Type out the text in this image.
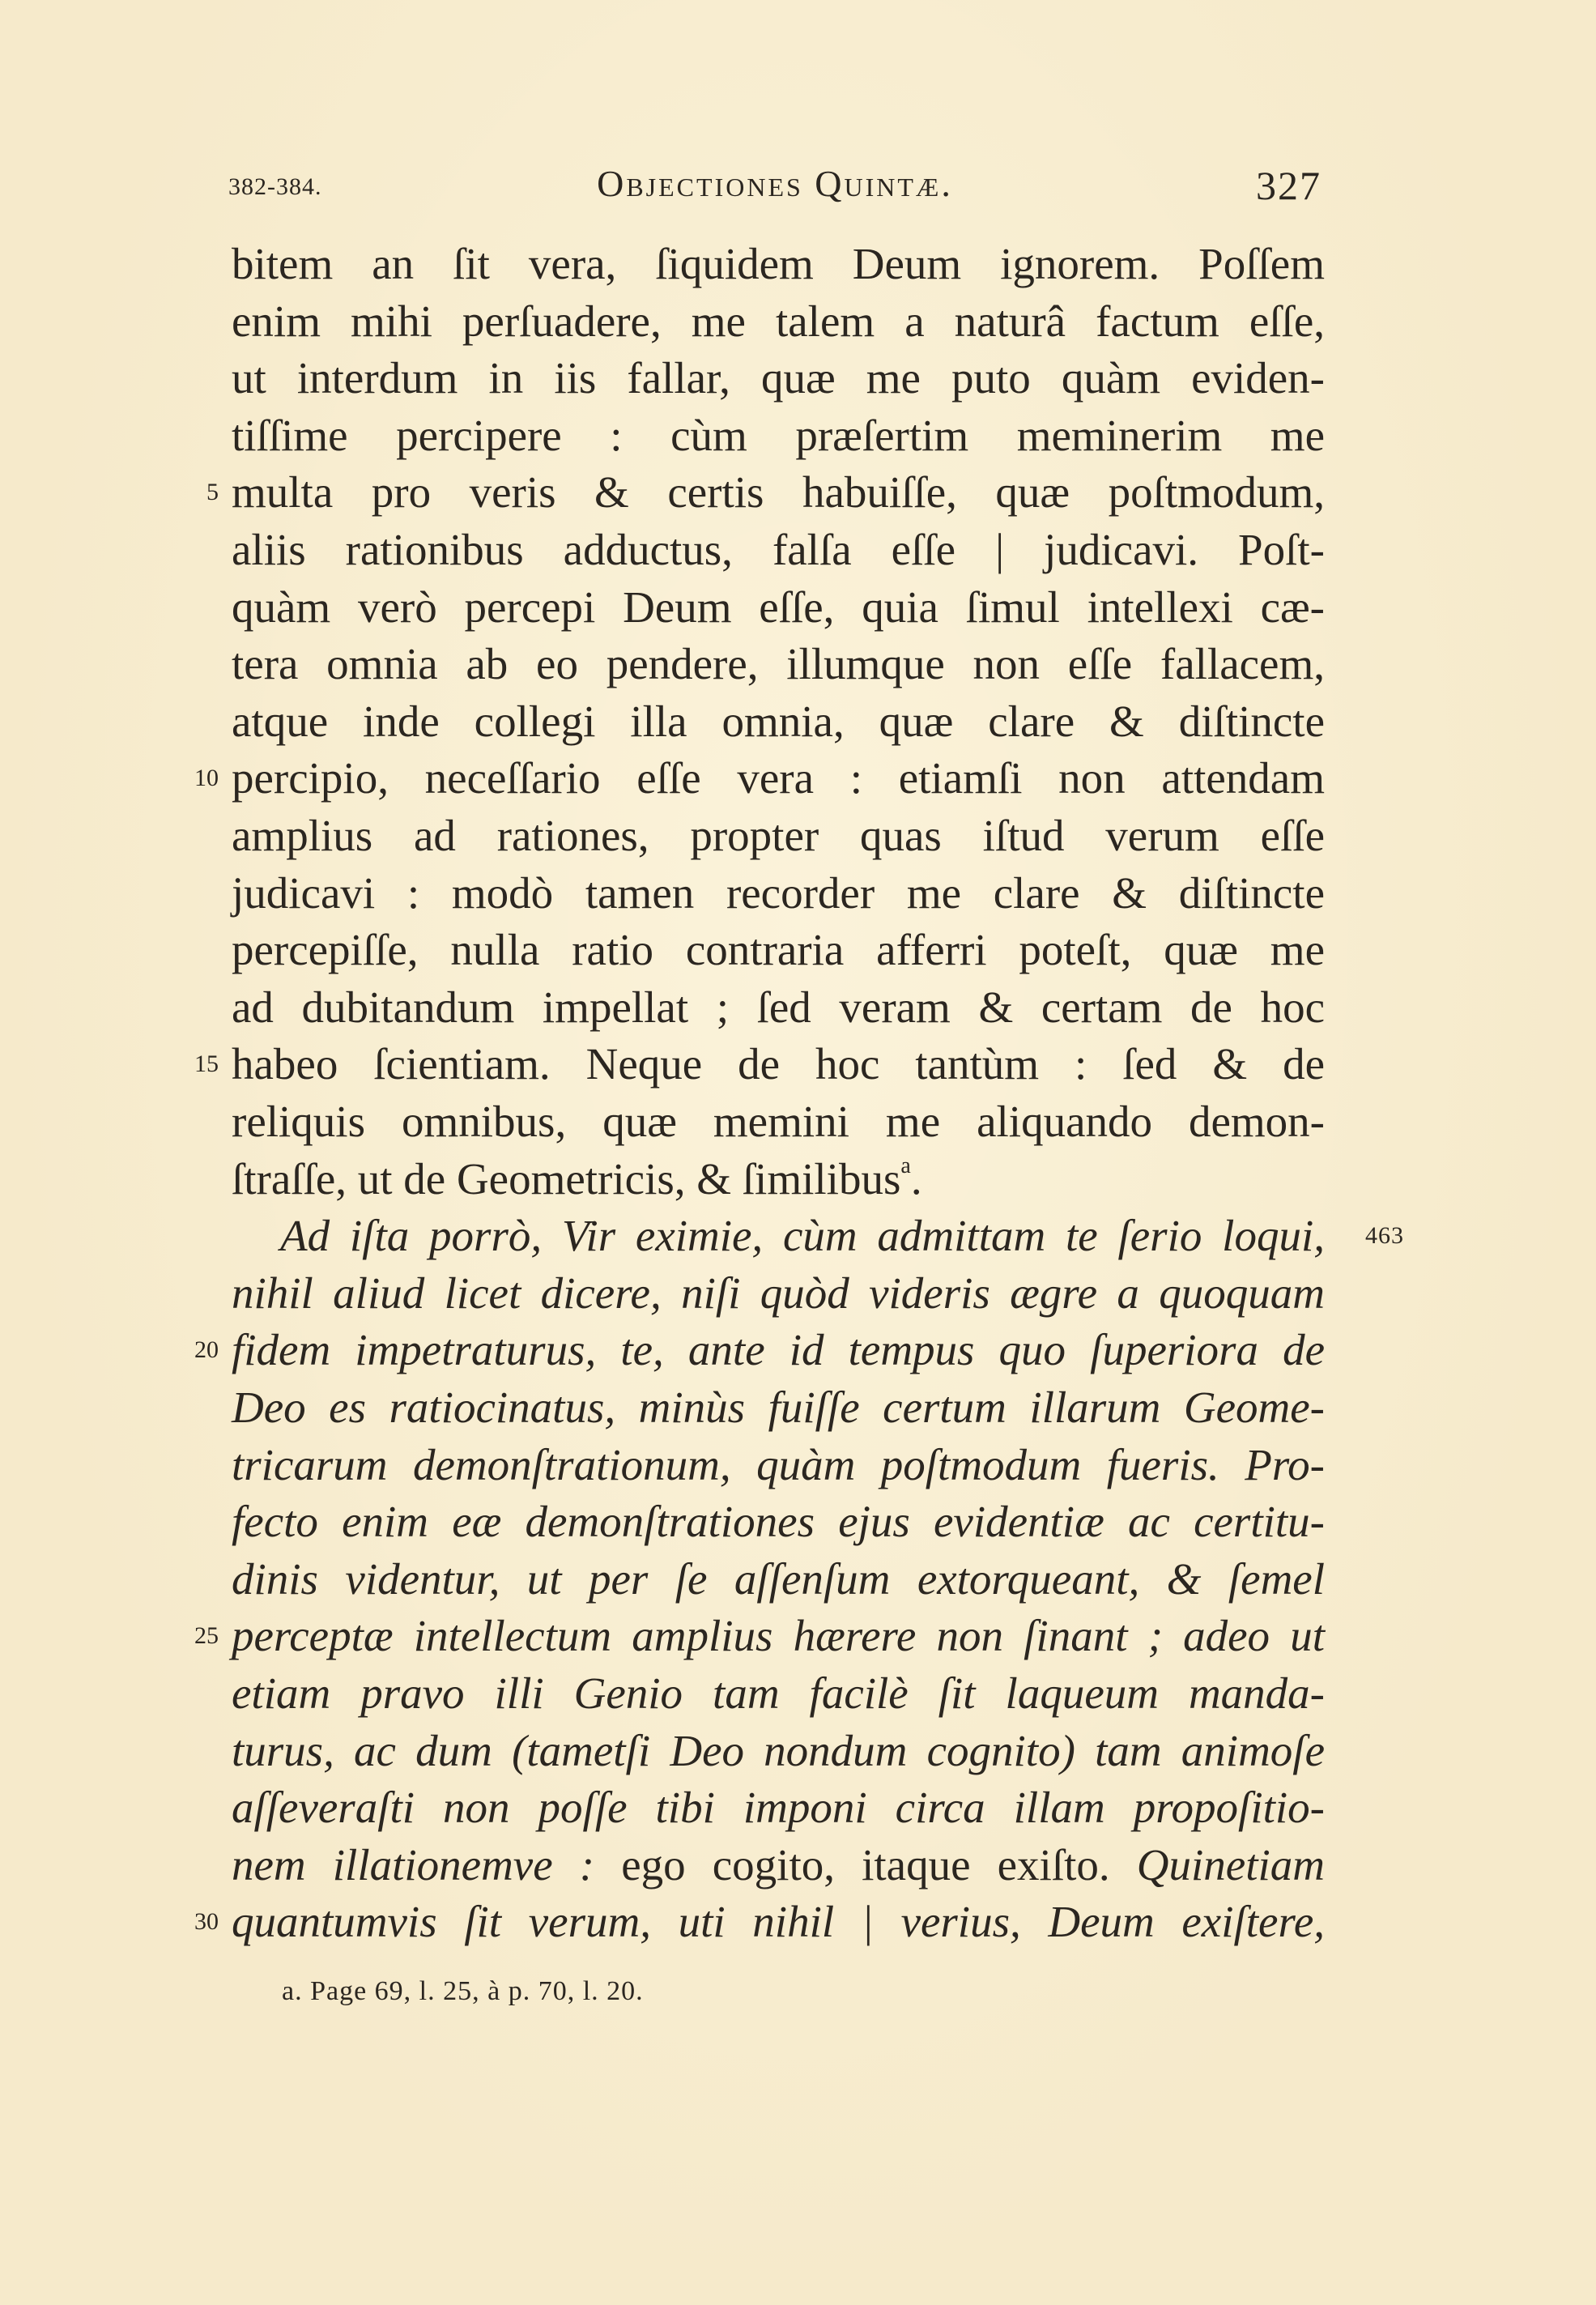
382-384.	Objectiones Quintæ.	327
bitem an ſit vera, ſiquidem Deum ignorem. Poſſem
enim mihi perſuadere, me talem a naturâ factum eſſe,
ut interdum in iis fallar, quæ me puto quàm eviden-
tiſſime percipere : cùm præſertim meminerim me
multa pro veris & certis habuiſſe, quæ poſtmodum,
aliis rationibus adductus, falſa eſſe | judicavi. Poſt-
quàm verò percepi Deum eſſe, quia ſimul intellexi cæ-
tera omnia ab eo pendere, illumque non eſſe fallacem,
atque inde collegi illa omnia, quæ clare & diſtincte
percipio, neceſſario eſſe vera : etiamſi non attendam
amplius ad rationes, propter quas iſtud verum eſſe
judicavi : modò tamen recorder me clare & diſtincte
percepiſſe, nulla ratio contraria afferri poteſt, quæ me
ad dubitandum impellat ; ſed veram & certam de hoc
habeo ſcientiam. Neque de hoc tantùm : ſed & de
reliquis omnibus, quæ memini me aliquando demon-
ſtraſſe, ut de Geometricis, & ſimilibus$^a$.
Ad iſta porrò, Vir eximie, cùm admittam te ſerio loqui,
nihil aliud licet dicere, niſi quòd videris ægre a quoquam
fidem impetraturus, te, ante id tempus quo ſuperiora de
Deo es ratiocinatus, minùs fuiſſe certum illarum Geome-
tricarum demonſtrationum, quàm poſtmodum fueris. Pro-
fecto enim eæ demonſtrationes ejus evidentiæ ac certitu-
dinis videntur, ut per ſe aſſenſum extorqueant, & ſemel
perceptæ intellectum amplius hærere non ſinant ; adeo ut
etiam pravo illi Genio tam facilè ſit laqueum manda-
turus, ac dum (tametſi Deo nondum cognito) tam animoſe
aſſeveraſti non poſſe tibi imponi circa illam propoſitio-
nem illationemve : ego cogito, itaque exiſto. Quinetiam
quantumvis ſit verum, uti nihil | verius, Deum exiſtere,
5
10
15
20
25
30
463
a. Page 69, l. 25, à p. 70, l. 20.
